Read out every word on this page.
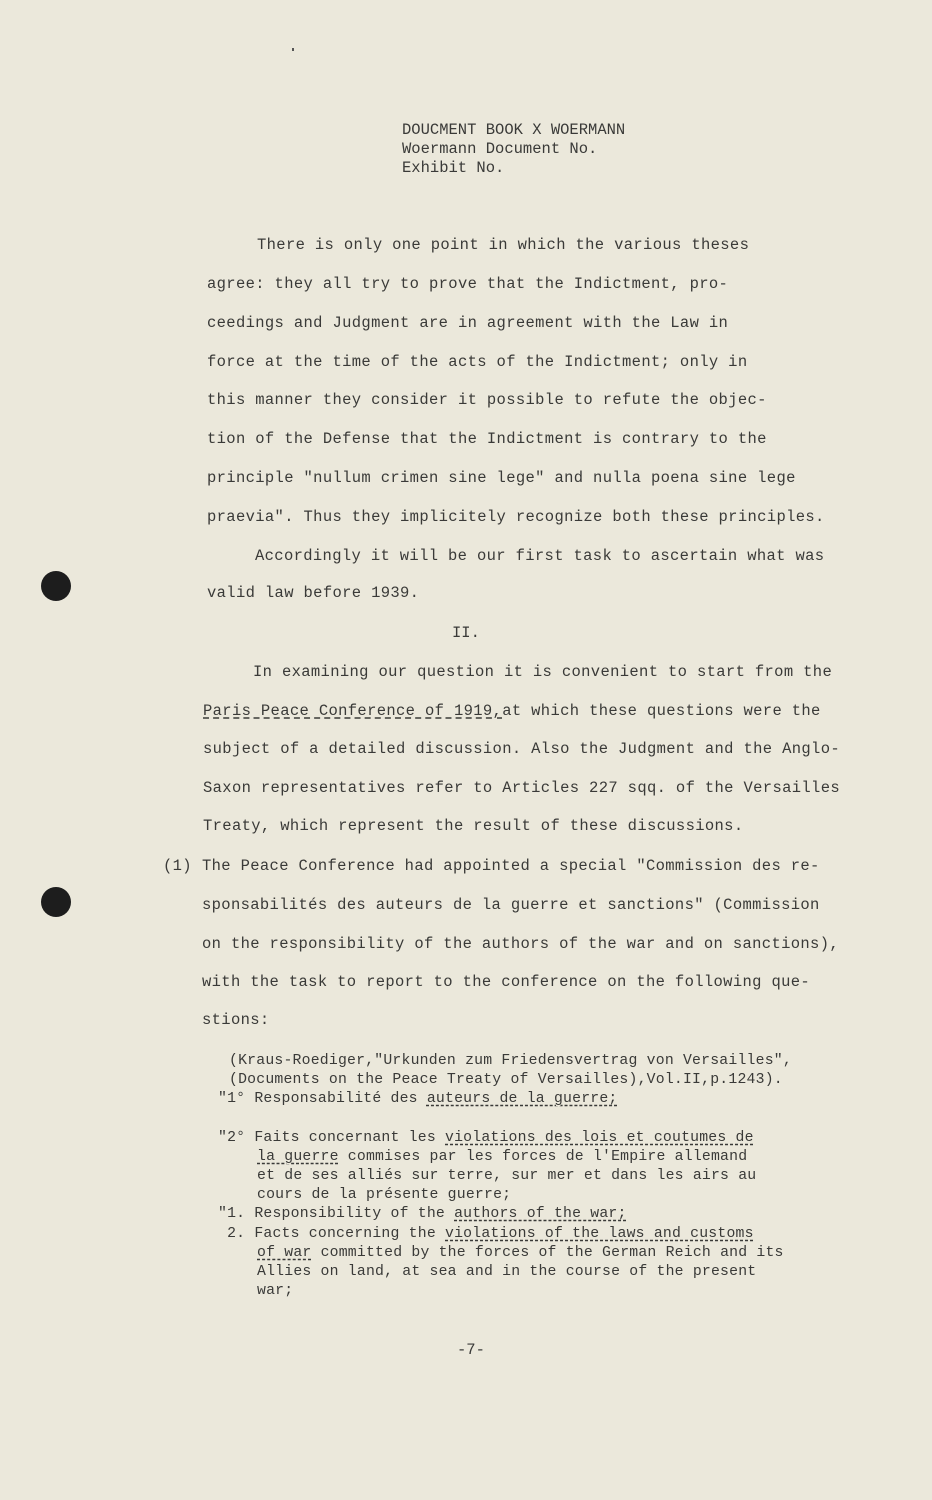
DOUCMENT BOOK X WOERMANN
Woermann Document No.
Exhibit No.
There is only one point in which the various theses
agree: they all try to prove that the Indictment, pro-
ceedings and Judgment are in agreement with the Law in
force at the time of the acts of the Indictment; only in
this manner they consider it possible to refute the objec-
tion of the Defense that the Indictment is contrary to the
principle "nullum crimen sine lege" and nulla poena sine lege
praevia". Thus they implicitely recognize both these principles.
Accordingly it will be our first task to ascertain what was
valid law before 1939.
II.
In examining our question it is convenient to start from the
Paris Peace Conference of 1919,at which these questions were the
subject of a detailed discussion. Also the Judgment and the Anglo-
Saxon representatives refer to Articles 227 sqq. of the Versailles
Treaty, which represent the result of these discussions.
(1) The Peace Conference had appointed a special "Commission des re-
sponsabilités des auteurs de la guerre et sanctions" (Commission
on the responsibility of the authors of the war and on sanctions),
with the task to report to the conference on the following que-
stions:
(Kraus-Roediger,"Urkunden zum Friedensvertrag von Versailles",
(Documents on the Peace Treaty of Versailles),Vol.II,p.1243).
"1° Responsabilité des auteurs de la guerre;
"2° Faits concernant les violations des lois et coutumes de
la guerre commises par les forces de l'Empire allemand
et de ses alliés sur terre, sur mer et dans les airs au
cours de la présente guerre;
"1. Responsibility of the authors of the war;
2. Facts concerning the violations of the laws and customs
of war committed by the forces of the German Reich and its
Allies on land, at sea and in the course of the present
war;
-7-
